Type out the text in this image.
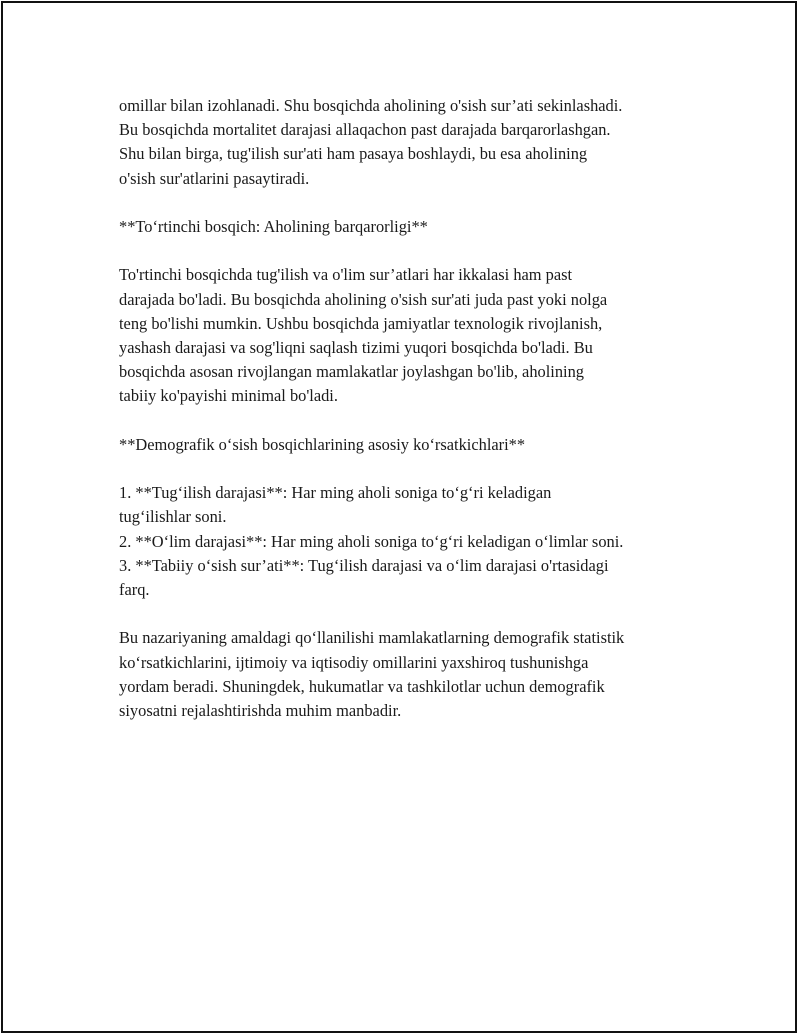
omillar bilan izohlanadi. Shu bosqichda aholining o'sish sur’ati sekinlashadi.
Bu bosqichda mortalitet darajasi allaqachon past darajada barqarorlashgan.
Shu bilan birga, tug'ilish sur'ati ham pasaya boshlaydi, bu esa aholining
o'sish sur'atlarini pasaytiradi.

**To‘rtinchi bosqich: Aholining barqarorligi**

To'rtinchi bosqichda tug'ilish va o'lim sur’atlari har ikkalasi ham past
darajada bo'ladi. Bu bosqichda aholining o'sish sur'ati juda past yoki nolga
teng bo'lishi mumkin. Ushbu bosqichda jamiyatlar texnologik rivojlanish,
yashash darajasi va sog'liqni saqlash tizimi yuqori bosqichda bo'ladi. Bu
bosqichda asosan rivojlangan mamlakatlar joylashgan bo'lib, aholining
tabiiy ko'payishi minimal bo'ladi.

**Demografik o‘sish bosqichlarining asosiy ko‘rsatkichlari**

1. **Tug‘ilish darajasi**: Har ming aholi soniga to‘g‘ri keladigan
tug‘ilishlar soni.
2. **O‘lim darajasi**: Har ming aholi soniga to‘g‘ri keladigan o‘limlar soni.
3. **Tabiiy o‘sish sur’ati**: Tug‘ilish darajasi va o‘lim darajasi o'rtasidagi
farq.

Bu nazariyaning amaldagi qo‘llanilishi mamlakatlarning demografik statistik
ko‘rsatkichlarini, ijtimoiy va iqtisodiy omillarini yaxshiroq tushunishga
yordam beradi. Shuningdek, hukumatlar va tashkilotlar uchun demografik
siyosatni rejalashtirishda muhim manbadir.
